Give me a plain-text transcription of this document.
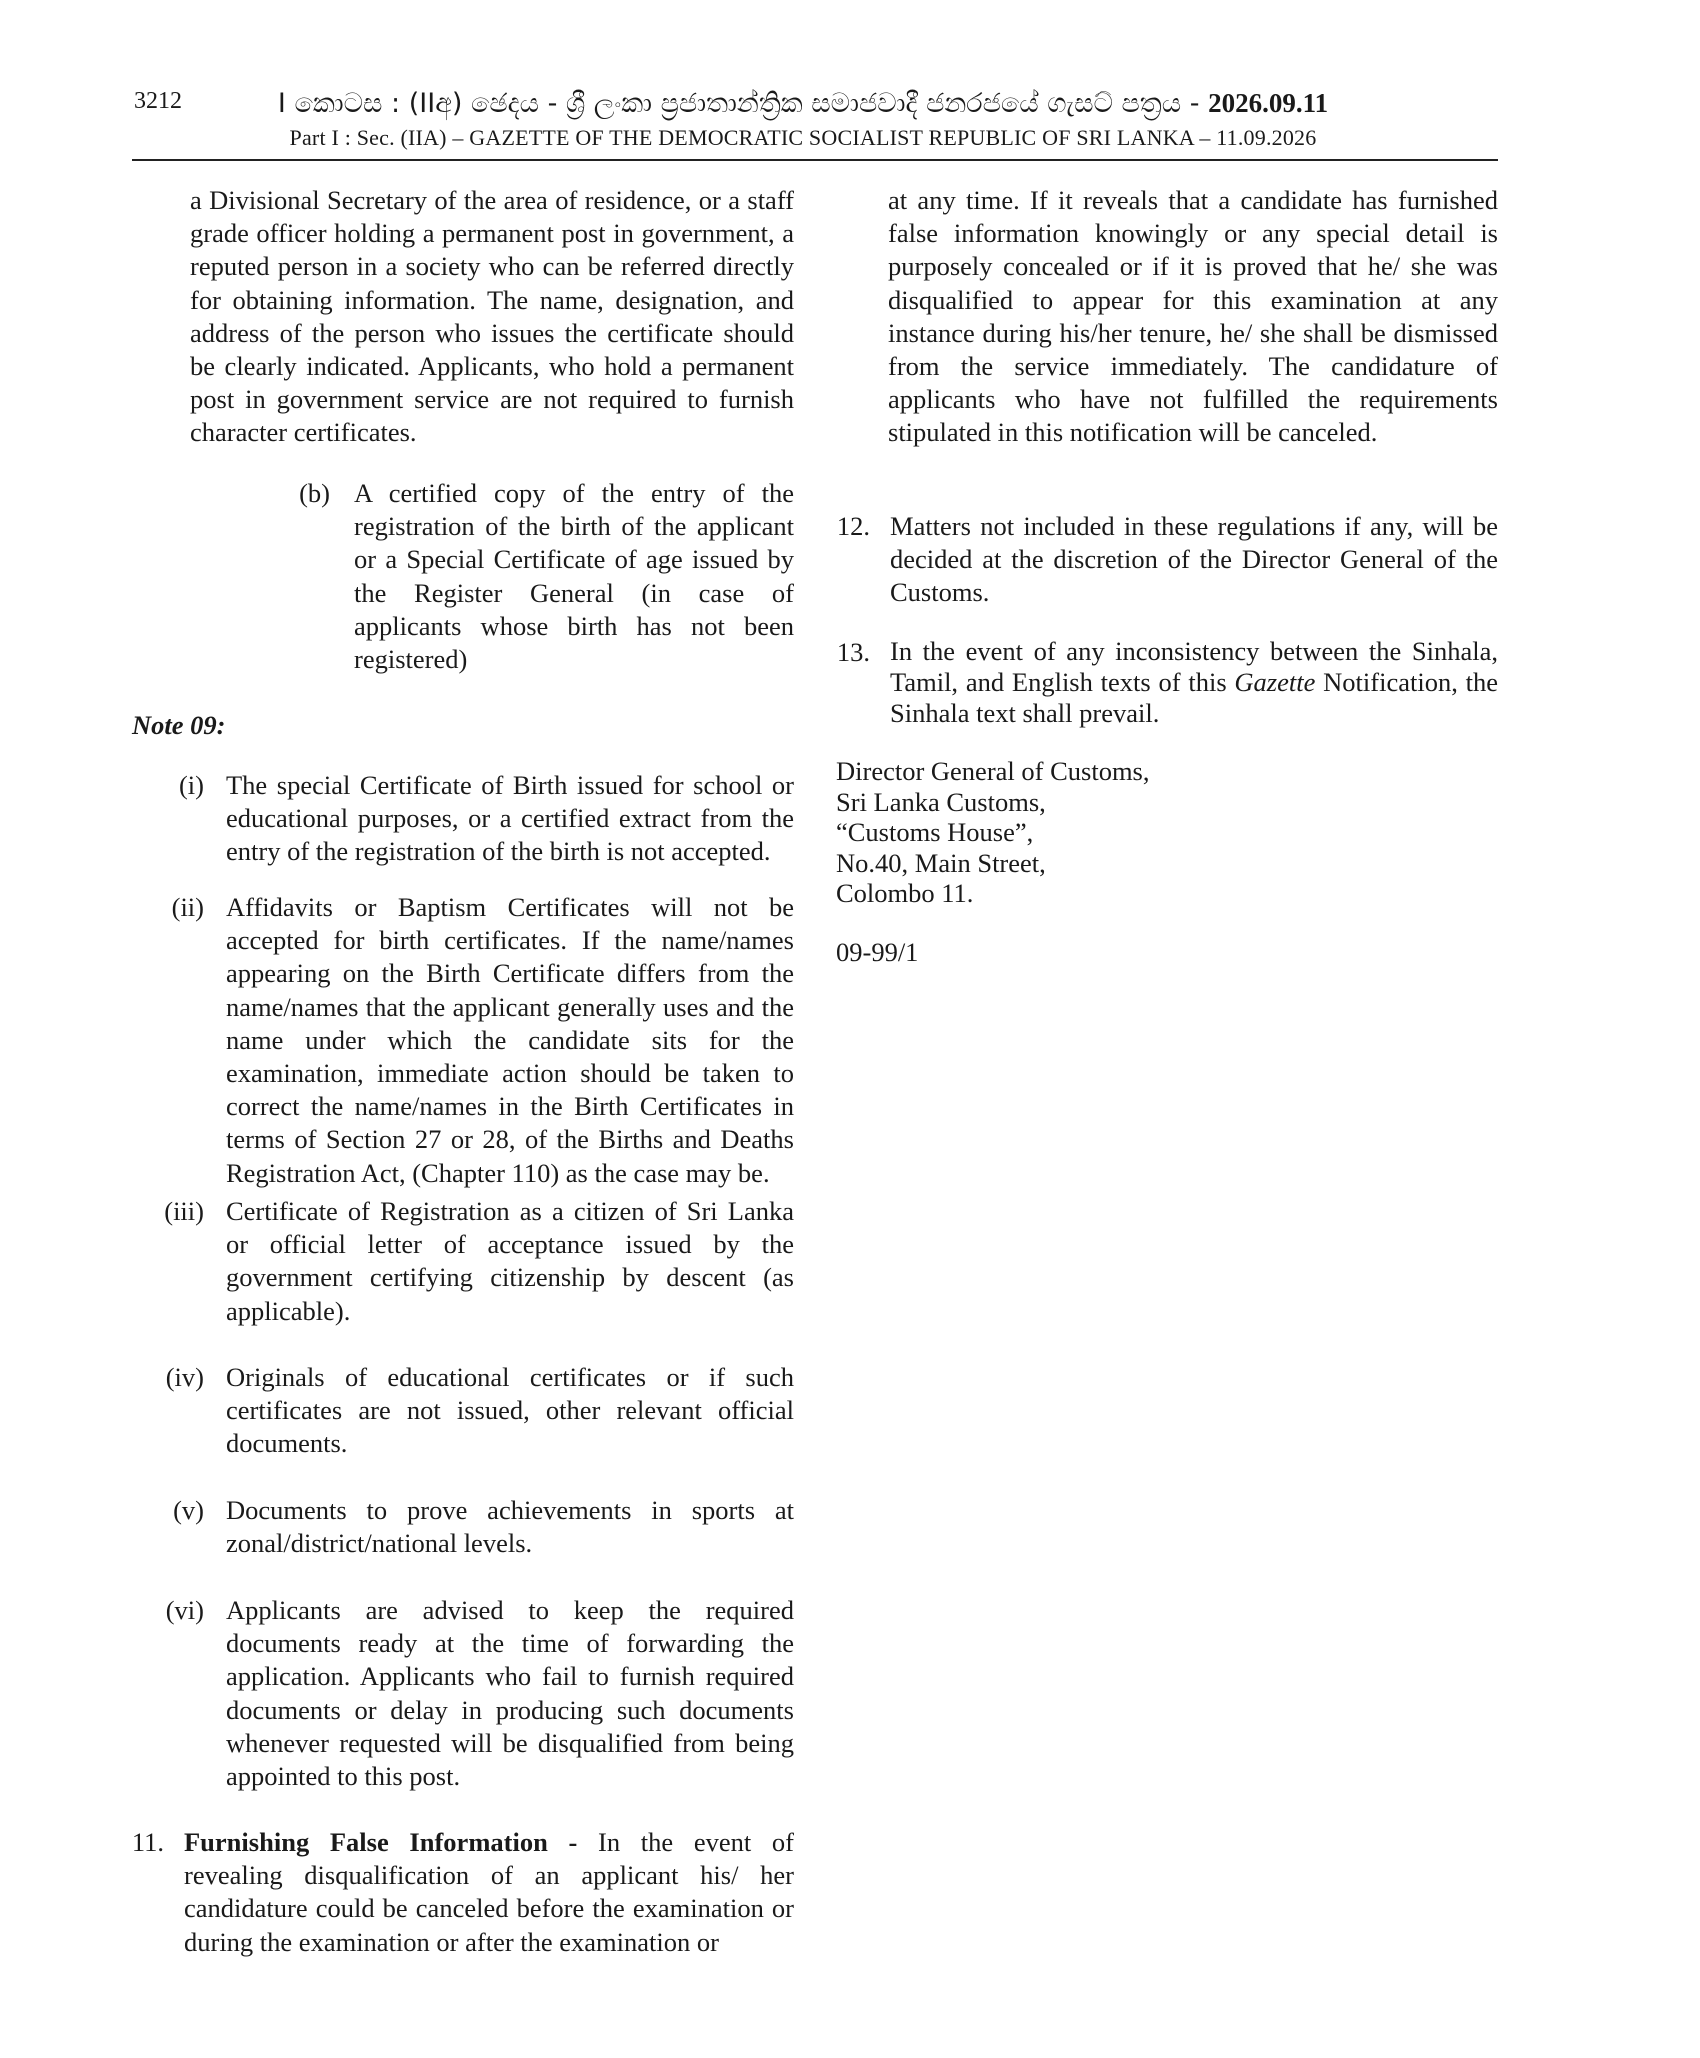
3212	I කොටස : (IIඅ) ඡෙදය - ශ්‍රී ලංකා ප්‍රජාතාන්ත්‍රික සමාජවාදී ජනරජයේ ගැසට් පත්‍රය - 2026.09.11
Part I : Sec. (IIA) – GAZETTE OF THE DEMOCRATIC SOCIALIST REPUBLIC OF SRI LANKA – 11.09.2026
a Divisional Secretary of the area of residence, or a staff grade officer holding a permanent post in government, a reputed person in a society who can be referred directly for obtaining information. The name, designation, and address of the person who issues the certificate should be clearly indicated. Applicants, who hold a permanent post in government service are not required to furnish character certificates.
(b) A certified copy of the entry of the registration of the birth of the applicant or a Special Certificate of age issued by the Register General (in case of applicants whose birth has not been registered)
Note 09:
(i) The special Certificate of Birth issued for school or educational purposes, or a certified extract from the entry of the registration of the birth is not accepted.
(ii) Affidavits or Baptism Certificates will not be accepted for birth certificates. If the name/names appearing on the Birth Certificate differs from the name/names that the applicant generally uses and the name under which the candidate sits for the examination, immediate action should be taken to correct the name/names in the Birth Certificates in terms of Section 27 or 28, of the Births and Deaths Registration Act, (Chapter 110) as the case may be.
(iii) Certificate of Registration as a citizen of Sri Lanka or official letter of acceptance issued by the government certifying citizenship by descent (as applicable).
(iv) Originals of educational certificates or if such certificates are not issued, other relevant official documents.
(v) Documents to prove achievements in sports at zonal/district/national levels.
(vi) Applicants are advised to keep the required documents ready at the time of forwarding the application. Applicants who fail to furnish required documents or delay in producing such documents whenever requested will be disqualified from being appointed to this post.
11. Furnishing False Information - In the event of revealing disqualification of an applicant his/ her candidature could be canceled before the examination or during the examination or after the examination or
at any time. If it reveals that a candidate has furnished false information knowingly or any special detail is purposely concealed or if it is proved that he/ she was disqualified to appear for this examination at any instance during his/her tenure, he/ she shall be dismissed from the service immediately. The candidature of applicants who have not fulfilled the requirements stipulated in this notification will be canceled.
12. Matters not included in these regulations if any, will be decided at the discretion of the Director General of the Customs.
13. In the event of any inconsistency between the Sinhala, Tamil, and English texts of this Gazette Notification, the Sinhala text shall prevail.
Director General of Customs,
Sri Lanka Customs,
“Customs House”,
No.40, Main Street,
Colombo 11.
09-99/1
